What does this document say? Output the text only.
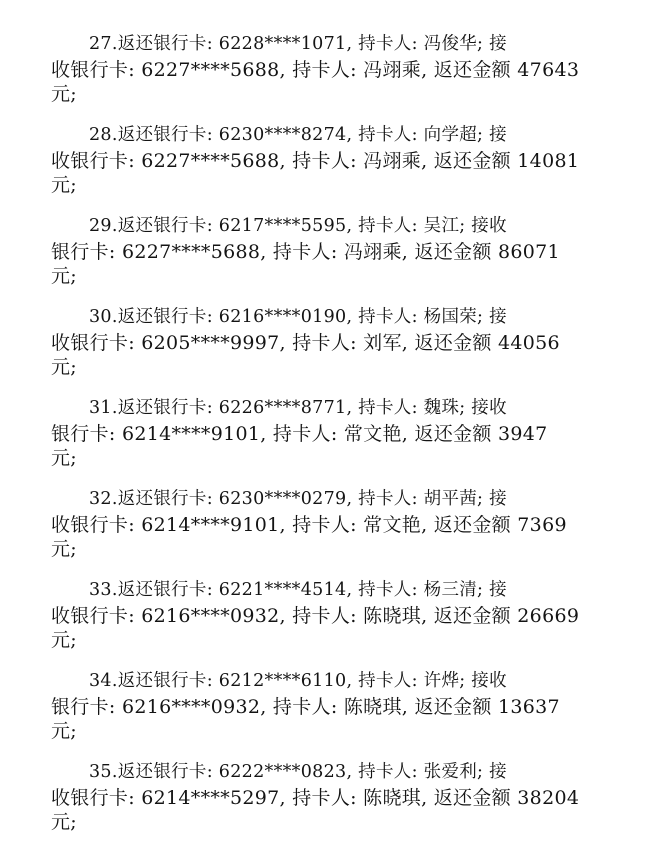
27.返还银行卡: 6228****1071, 持卡人: 冯俊华; 接
收银行卡: 6227****5688, 持卡人: 冯翊乘, 返还金额 47643
元;
28.返还银行卡: 6230****8274, 持卡人: 向学超; 接
收银行卡: 6227****5688, 持卡人: 冯翊乘, 返还金额 14081
元;
29.返还银行卡: 6217****5595, 持卡人: 吴江; 接收
银行卡: 6227****5688, 持卡人: 冯翊乘, 返还金额 86071
元;
30.返还银行卡: 6216****0190, 持卡人: 杨国荣; 接
收银行卡: 6205****9997, 持卡人: 刘军, 返还金额 44056
元;
31.返还银行卡: 6226****8771, 持卡人: 魏珠; 接收
银行卡: 6214****9101, 持卡人: 常文艳, 返还金额 3947
元;
32.返还银行卡: 6230****0279, 持卡人: 胡平茜; 接
收银行卡: 6214****9101, 持卡人: 常文艳, 返还金额 7369
元;
33.返还银行卡: 6221****4514, 持卡人: 杨三清; 接
收银行卡: 6216****0932, 持卡人: 陈晓琪, 返还金额 26669
元;
34.返还银行卡: 6212****6110, 持卡人: 许烨; 接收
银行卡: 6216****0932, 持卡人: 陈晓琪, 返还金额 13637
元;
35.返还银行卡: 6222****0823, 持卡人: 张爱利; 接
收银行卡: 6214****5297, 持卡人: 陈晓琪, 返还金额 38204
元;
